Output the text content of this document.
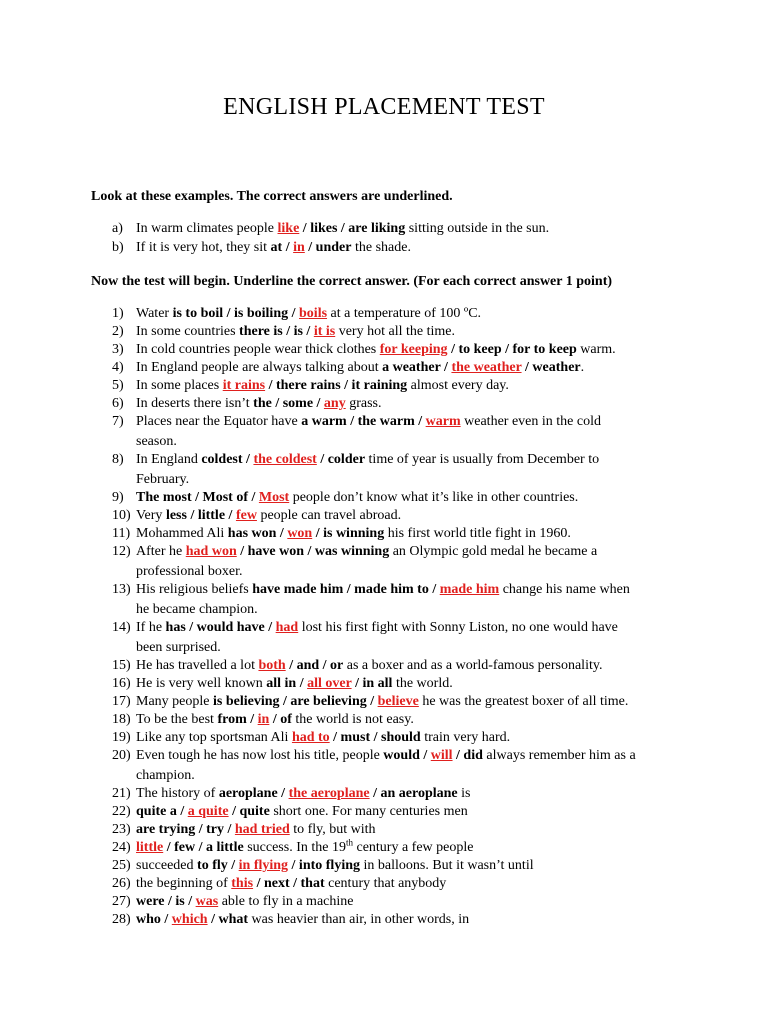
ENGLISH PLACEMENT TEST
Look at these examples. The correct answers are underlined.
a) In warm climates people like / likes / are liking sitting outside in the sun.
b) If it is very hot, they sit at / in / under the shade.
Now the test will begin. Underline the correct answer. (For each correct answer 1 point)
1) Water is to boil / is boiling / boils at a temperature of 100 ºC.
2) In some countries there is / is / it is very hot all the time.
3) In cold countries people wear thick clothes for keeping / to keep / for to keep warm.
4) In England people are always talking about a weather / the weather / weather.
5) In some places it rains / there rains / it raining almost every day.
6) In deserts there isn’t the / some / any grass.
7) Places near the Equator have a warm / the warm / warm weather even in the cold
season.
8) In England coldest / the coldest / colder time of year is usually from December to
February.
9) The most / Most of / Most people don’t know what it’s like in other countries.
10) Very less / little / few people can travel abroad.
11) Mohammed Ali has won / won / is winning his first world title fight in 1960.
12) After he had won / have won / was winning an Olympic gold medal he became a
professional boxer.
13) His religious beliefs have made him / made him to / made him change his name when
he became champion.
14) If he has / would have / had lost his first fight with Sonny Liston, no one would have
been surprised.
15) He has travelled a lot both / and / or as a boxer and as a world-famous personality.
16) He is very well known all in / all over / in all the world.
17) Many people is believing / are believing / believe he was the greatest boxer of all time.
18) To be the best from / in / of the world is not easy.
19) Like any top sportsman Ali had to / must / should train very hard.
20) Even tough he has now lost his title, people would / will / did always remember him as a
champion.
21) The history of aeroplane / the aeroplane / an aeroplane is
22) quite a / a quite / quite short one. For many centuries men
23) are trying / try / had tried to fly, but with
24) little / few / a little success. In the 19th century a few people
25) succeeded to fly / in flying / into flying in balloons. But it wasn’t until
26) the beginning of this / next / that century that anybody
27) were / is / was able to fly in a machine
28) who / which / what was heavier than air, in other words, in
